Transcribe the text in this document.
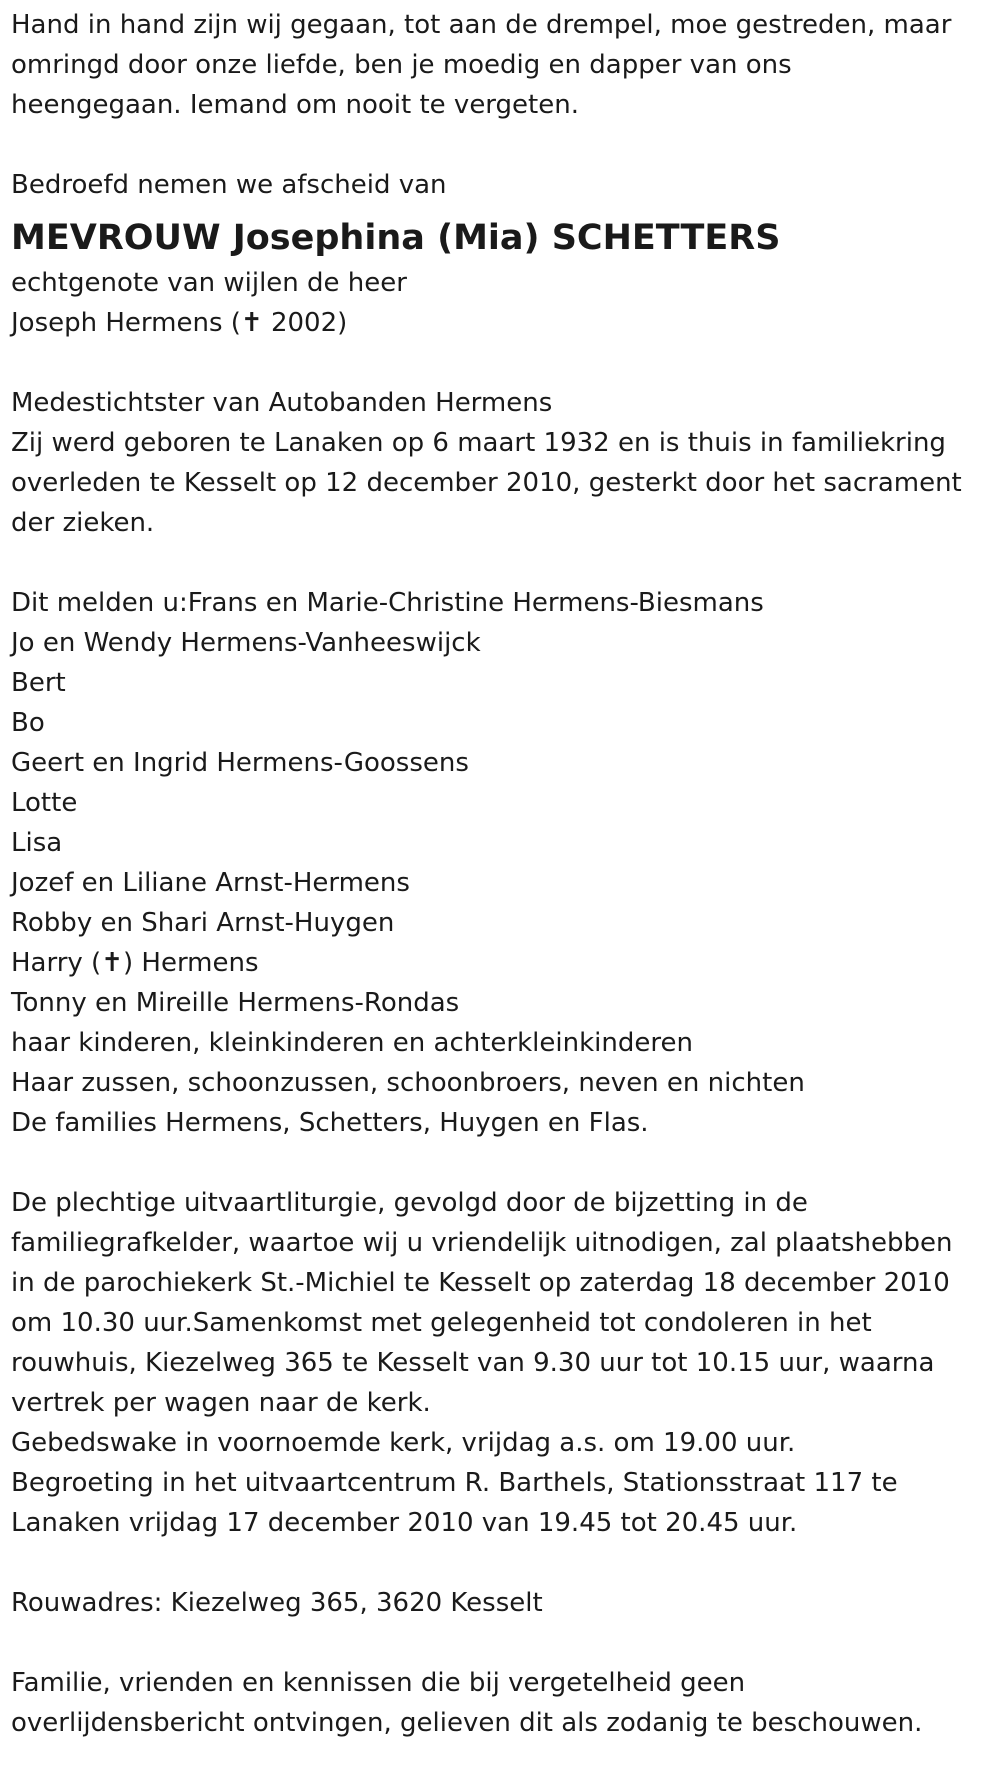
Hand in hand zijn wij gegaan, tot aan de drempel, moe gestreden, maar
omringd door onze liefde, ben je moedig en dapper van ons
heengegaan. Iemand om nooit te vergeten.
Bedroefd nemen we afscheid van
MEVROUW Josephina (Mia) SCHETTERS
echtgenote van wijlen de heer
Joseph Hermens (✝ 2002)
Medestichtster van Autobanden Hermens
Zij werd geboren te Lanaken op 6 maart 1932 en is thuis in familiekring
overleden te Kesselt op 12 december 2010, gesterkt door het sacrament
der zieken.
Dit melden u:Frans en Marie-Christine Hermens-Biesmans
Jo en Wendy Hermens-Vanheeswijck
Bert
Bo
Geert en Ingrid Hermens-Goossens
Lotte
Lisa
Jozef en Liliane Arnst-Hermens
Robby en Shari Arnst-Huygen
Harry (✝) Hermens
Tonny en Mireille Hermens-Rondas
haar kinderen, kleinkinderen en achterkleinkinderen
Haar zussen, schoonzussen, schoonbroers, neven en nichten
De families Hermens, Schetters, Huygen en Flas.
De plechtige uitvaartliturgie, gevolgd door de bijzetting in de
familiegrafkelder, waartoe wij u vriendelijk uitnodigen, zal plaatshebben
in de parochiekerk St.-Michiel te Kesselt op zaterdag 18 december 2010
om 10.30 uur.Samenkomst met gelegenheid tot condoleren in het
rouwhuis, Kiezelweg 365 te Kesselt van 9.30 uur tot 10.15 uur, waarna
vertrek per wagen naar de kerk.
Gebedswake in voornoemde kerk, vrijdag a.s. om 19.00 uur.
Begroeting in het uitvaartcentrum R. Barthels, Stationsstraat 117 te
Lanaken vrijdag 17 december 2010 van 19.45 tot 20.45 uur.
Rouwadres: Kiezelweg 365, 3620 Kesselt
Familie, vrienden en kennissen die bij vergetelheid geen
overlijdensbericht ontvingen, gelieven dit als zodanig te beschouwen.
